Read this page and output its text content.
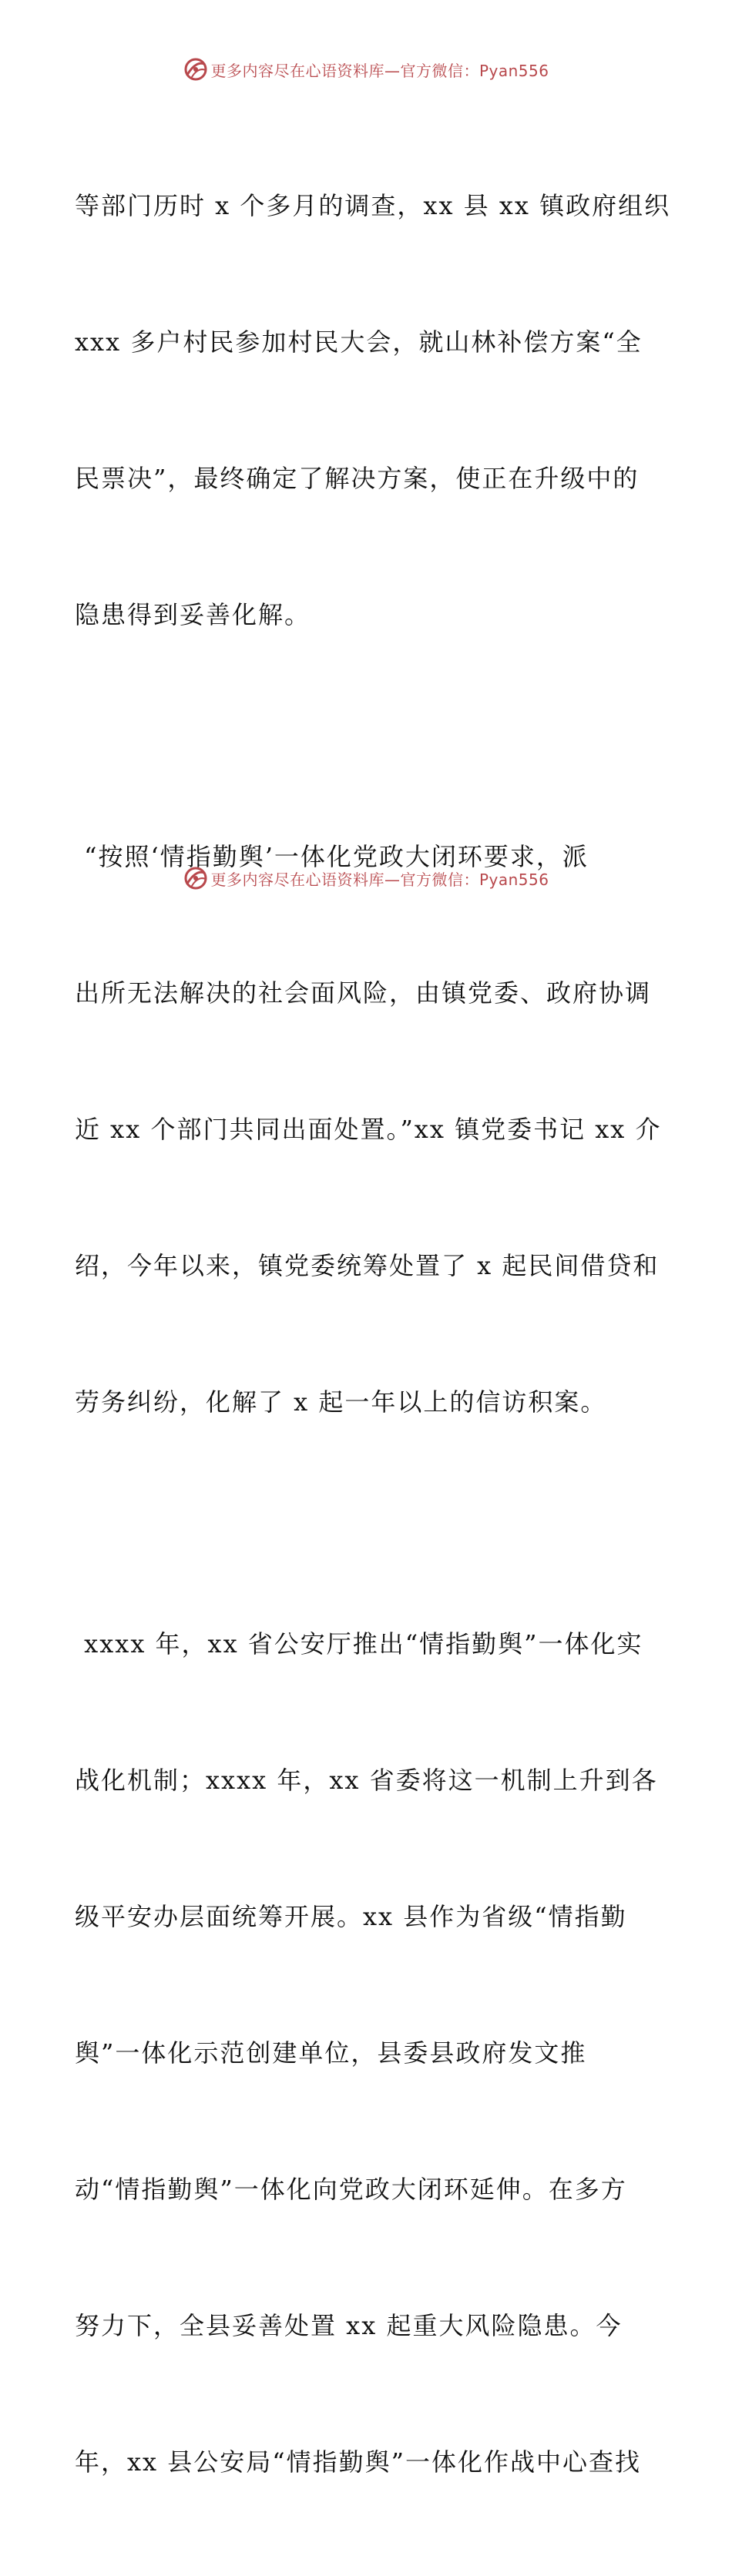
更多内容尽在心语资料库—官方微信：Pyan556

等部门历时 x 个多月的调查，xx 县 xx 镇政府组织

xxx 多户村民参加村民大会，就山林补偿方案“全

民票决”，最终确定了解决方案，使正在升级中的

隐患得到妥善化解。

“按照‘情指勤舆’一体化党政大闭环要求，派

出所无法解决的社会面风险，由镇党委、政府协调

近 xx 个部门共同出面处置。”xx 镇党委书记 xx 介

绍，今年以来，镇党委统筹处置了 x 起民间借贷和

劳务纠纷，化解了 x 起一年以上的信访积案。

xxxx 年，xx 省公安厅推出“情指勤舆”一体化实

战化机制；xxxx 年，xx 省委将这一机制上升到各

级平安办层面统筹开展。xx 县作为省级“情指勤

舆”一体化示范创建单位，县委县政府发文推

动“情指勤舆”一体化向党政大闭环延伸。在多方

努力下，全县妥善处置 xx 起重大风险隐患。今

年，xx 县公安局“情指勤舆”一体化作战中心查找

更多内容尽在心语资料库—官方微信：Pyan556
